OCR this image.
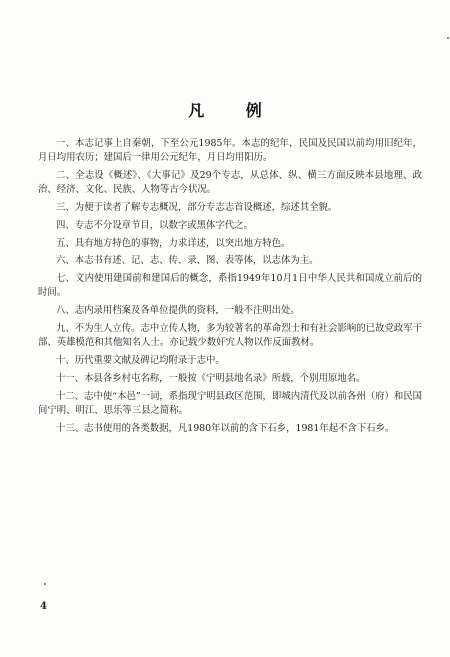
凡 例

一、本志记事上自秦朝，下至公元1985年。本志的纪年，民国及民国以前均用旧纪年，月日均用农历；建国后一律用公元纪年，月日均用阳历。

二、全志设《概述》、《大事记》及29个专志，从总体、纵、横三方面反映本县地理、政治、经济、文化、民族、人物等古今状况。

三、为便于读者了解专志概况，部分专志志首设概述，综述其全貌。

四、专志不分设章节目，以数字或黑体字代之。

五、具有地方特色的事物，力求详述，以突出地方特色。

六、本志书有述、记、志、传、录、图、表等体，以志体为主。

七、文内使用建国前和建国后的概念，系指1949年10月1日中华人民共和国成立前后的时间。

八、志内录用档案及各单位提供的资料，一般不注明出处。

九、不为生人立传。志中立传人物，多为较著名的革命烈士和有社会影响的已故党政军干部、英雄模范和其他知名人士。亦记载少数奸宄人物以作反面教材。

十、历代重要文献及碑记均附录于志中。

十一、本县各乡村屯名称，一般按《宁明县地名录》所载，个别用原地名。

十二、志中使“本邑”一词，系指现宁明县政区范围，即城内清代及以前各州（府）和民国间宁明、明江、思乐等三县之简称。

十三、志书使用的各类数据，凡1980年以前的含下石乡，1981年起不含下石乡。

4
